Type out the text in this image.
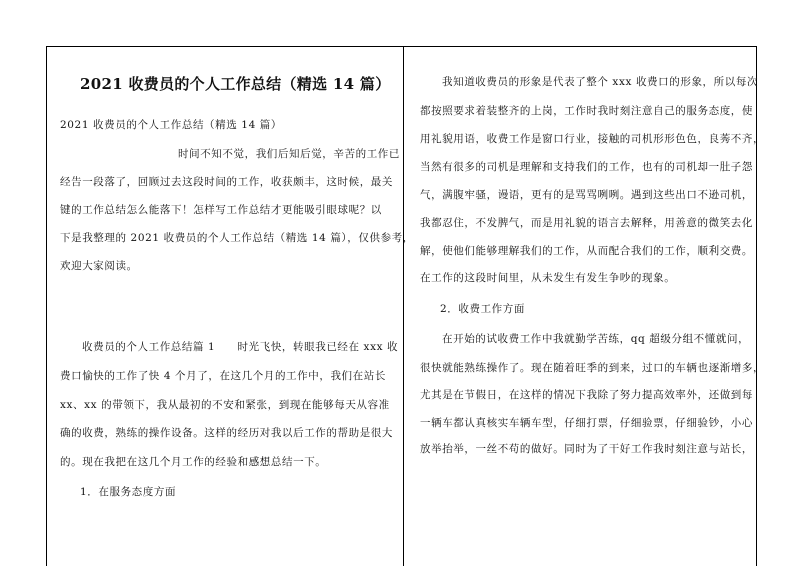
2021 收费员的个人工作总结（精选 14 篇）
2021 收费员的个人工作总结（精选 14 篇）
时间不知不觉，我们后知后觉，辛苦的工作已
经告一段落了，回顾过去这段时间的工作，收获颇丰，这时候，最关
键的工作总结怎么能落下！怎样写工作总结才更能吸引眼球呢？以
下是我整理的 2021 收费员的个人工作总结（精选 14 篇），仅供参考，
欢迎大家阅读。
收费员的个人工作总结篇 1　　时光飞快，转眼我已经在 xxx 收
费口愉快的工作了快 4 个月了，在这几个月的工作中，我们在站长
xx、xx 的带领下，我从最初的不安和紧张，到现在能够每天从容准
确的收费，熟练的操作设备。这样的经历对我以后工作的帮助是很大
的。现在我把在这几个月工作的经验和感想总结一下。
1．在服务态度方面
我知道收费员的形象是代表了整个 xxx 收费口的形象，所以每次
都按照要求着装整齐的上岗，工作时我时刻注意自己的服务态度，使
用礼貌用语，收费工作是窗口行业，接触的司机形形色色，良莠不齐，
当然有很多的司机是理解和支持我们的工作，也有的司机却一肚子怨
气，满腹牢骚，谩语，更有的是骂骂咧咧。遇到这些出口不逊司机，
我都忍住，不发脾气，而是用礼貌的语言去解释，用善意的微笑去化
解，使他们能够理解我们的工作，从而配合我们的工作，顺利交费。
在工作的这段时间里，从未发生有发生争吵的现象。
2．收费工作方面
在开始的试收费工作中我就勤学苦练，qq 超级分组不懂就问，
很快就能熟练操作了。现在随着旺季的到来，过口的车辆也逐渐增多，
尤其是在节假日，在这样的情况下我除了努力提高效率外，还做到每
一辆车都认真核实车辆车型，仔细打票，仔细验票，仔细验钞，小心
放举抬举，一丝不苟的做好。同时为了干好工作我时刻注意与站长，
